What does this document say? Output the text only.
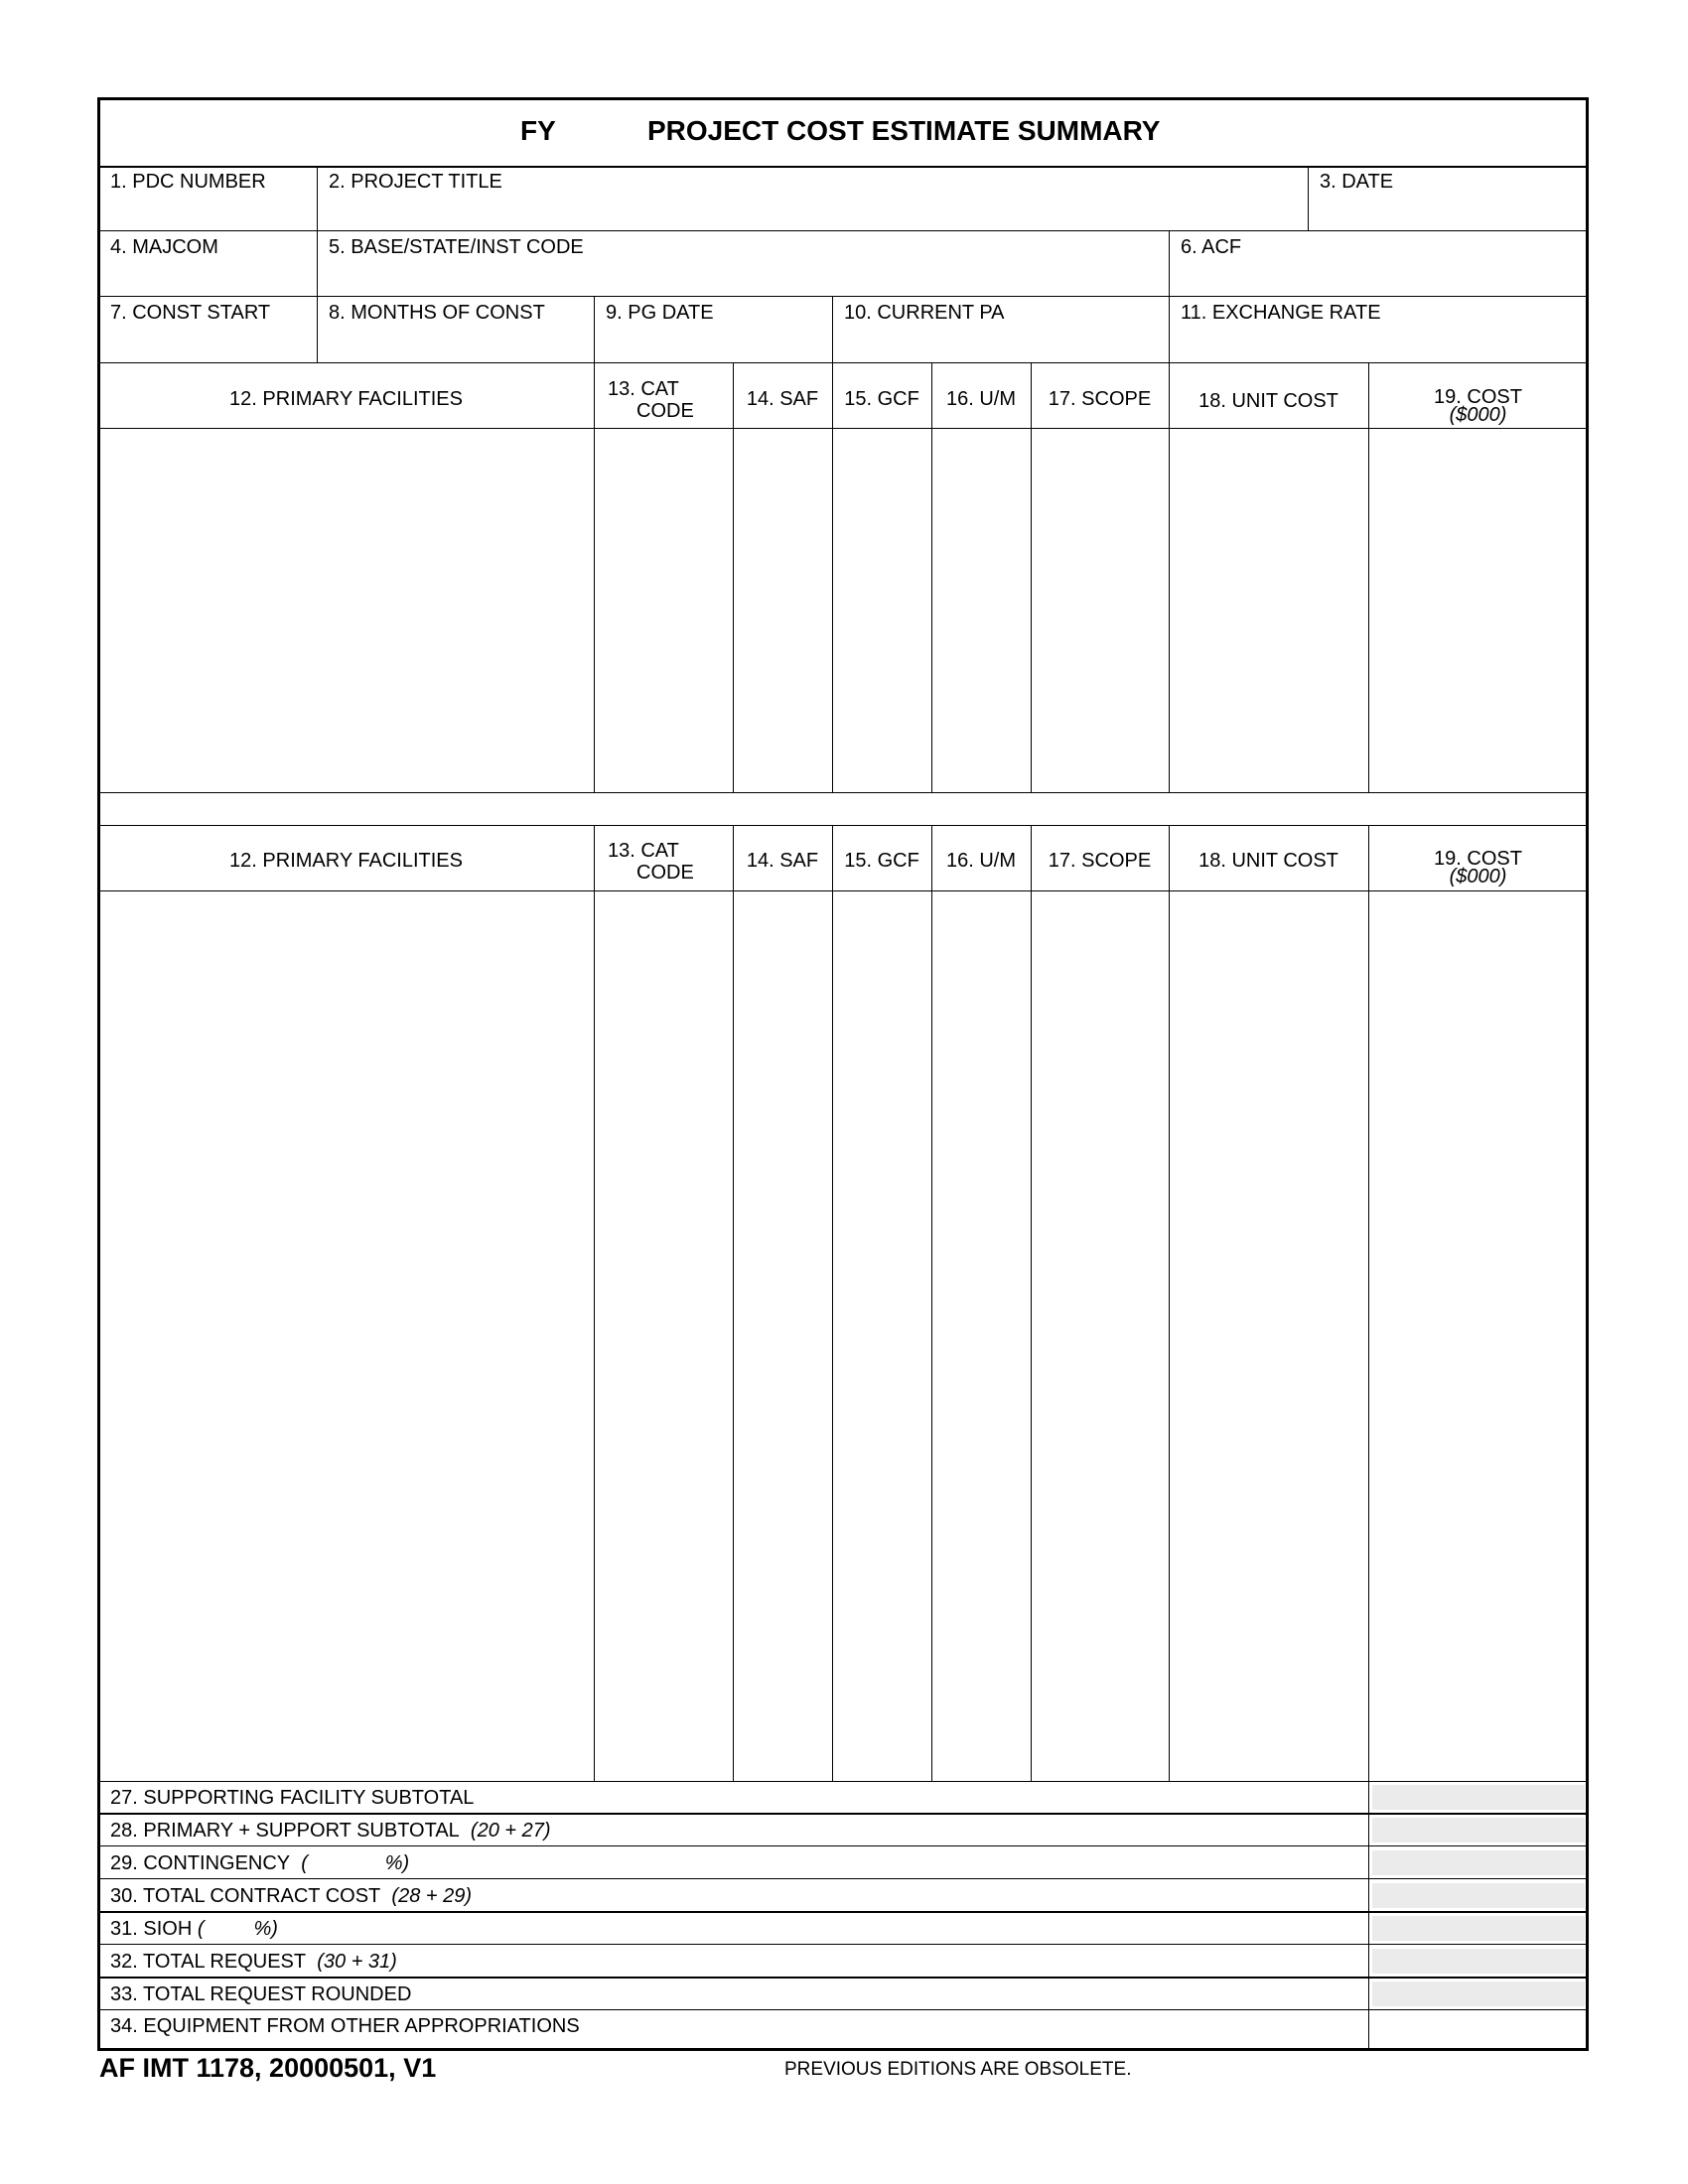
FY	PROJECT COST ESTIMATE SUMMARY
1. PDC NUMBER	2. PROJECT TITLE	3. DATE
4. MAJCOM	5. BASE/STATE/INST CODE	6. ACF
7. CONST START	8. MONTHS OF CONST	9. PG DATE	10. CURRENT PA	11. EXCHANGE RATE
12. PRIMARY FACILITIES	13. CAT
CODE
14. SAF	15. GCF	16. U/M	17. SCOPE	18. UNIT COST	19. COST
($000)
12. PRIMARY FACILITIES	13. CAT
CODE
14. SAF	15. GCF	16. U/M	17. SCOPE	18. UNIT COST	19. COST
($000)
27. SUPPORTING FACILITY SUBTOTAL
28. PRIMARY + SUPPORT SUBTOTAL (20 + 27)
29. CONTINGENCY (              %)
30. TOTAL CONTRACT COST (28 + 29)
31. SIOH (         %)
32. TOTAL REQUEST (30 + 31)
33. TOTAL REQUEST ROUNDED
34. EQUIPMENT FROM OTHER APPROPRIATIONS
AF IMT 1178, 20000501, V1	PREVIOUS EDITIONS ARE OBSOLETE.
